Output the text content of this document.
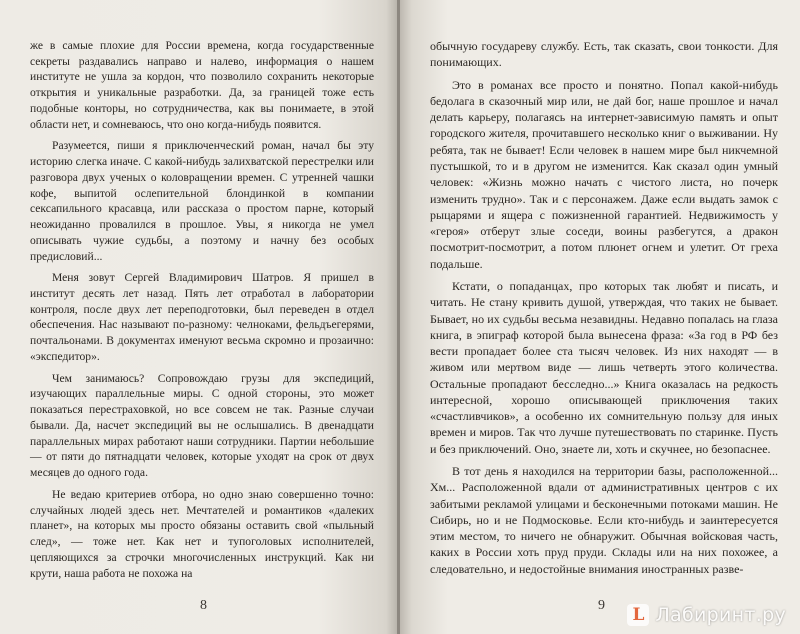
же в самые плохие для России времена, когда государственные секреты раздавались направо и налево, информация о нашем институте не ушла за кордон, что позволило сохранить некоторые открытия и уникальные разработки. Да, за границей тоже есть подобные конторы, но сотрудничества, как вы понимаете, в этой области нет, и сомневаюсь, что оно когда-нибудь появится.

Разумеется, пиши я приключенческий роман, начал бы эту историю слегка иначе. С какой-нибудь залихватской перестрелки или разговора двух ученых о коловращении времен. С утренней чашки кофе, выпитой ослепительной блондинкой в компании сексапильного красавца, или рассказа о простом парне, который неожиданно провалился в прошлое. Увы, я никогда не умел описывать чужие судьбы, а поэтому и начну без особых предисловий...

Меня зовут Сергей Владимирович Шатров. Я пришел в институт десять лет назад. Пять лет отработал в лаборатории контроля, после двух лет переподготовки, был переведен в отдел обеспечения. Нас называют по-разному: челноками, фельдъегерями, почтальонами. В документах именуют весьма скромно и прозаично: «экспедитор».

Чем занимаюсь? Сопровождаю грузы для экспедиций, изучающих параллельные миры. С одной стороны, это может показаться перестраховкой, но все совсем не так. Разные случаи бывали. Да, насчет экспедиций вы не ослышались. В двенадцати параллельных мирах работают наши сотрудники. Партии небольшие — от пяти до пятнадцати человек, которые уходят на срок от двух месяцев до одного года.

Не ведаю критериев отбора, но одно знаю совершенно точно: случайных людей здесь нет. Мечтателей и романтиков «далеких планет», на которых мы просто обязаны оставить свой «пыльный след», — тоже нет. Как нет и тупоголовых исполнителей, цепляющихся за строчки многочисленных инструкций. Как ни крути, наша работа не похожа на

8

обычную государеву службу. Есть, так сказать, свои тонкости. Для понимающих.

Это в романах все просто и понятно. Попал какой-нибудь бедолага в сказочный мир или, не дай бог, наше прошлое и начал делать карьеру, полагаясь на интернет-зависимую память и опыт городского жителя, прочитавшего несколько книг о выживании. Ну ребята, так не бывает! Если человек в нашем мире был никчемной пустышкой, то и в другом не изменится. Как сказал один умный человек: «Жизнь можно начать с чистого листа, но почерк изменить трудно». Так и с персонажем. Даже если выдать замок с рыцарями и ящера с пожизненной гарантией. Недвижимость у «героя» отберут злые соседи, воины разбегутся, а дракон посмотрит-посмотрит, а потом плюнет огнем и улетит. От греха подальше.

Кстати, о попаданцах, про которых так любят и писать, и читать. Не стану кривить душой, утверждая, что таких не бывает. Бывает, но их судьбы весьма незавидны. Недавно попалась на глаза книга, в эпиграф которой была вынесена фраза: «За год в РФ без вести пропадает более ста тысяч человек. Из них находят — в живом или мертвом виде — лишь четверть этого количества. Остальные пропадают бесследно...» Книга оказалась на редкость интересной, хорошо описывающей приключения таких «счастливчиков», а особенно их сомнительную пользу для иных времен и миров. Так что лучше путешествовать по старинке. Пусть и без приключений. Оно, знаете ли, хоть и скучнее, но безопаснее.

В тот день я находился на территории базы, расположенной... Хм... Расположенной вдали от административных центров с их забитыми рекламой улицами и бесконечными потоками машин. Не Сибирь, но и не Подмосковье. Если кто-нибудь и заинтересуется этим местом, то ничего не обнаружит. Обычная войсковая часть, каких в России хоть пруд пруди. Склады или на них похожее, а следовательно, и недостойные внимания иностранных разве-

9 L Лабиринт.ру
